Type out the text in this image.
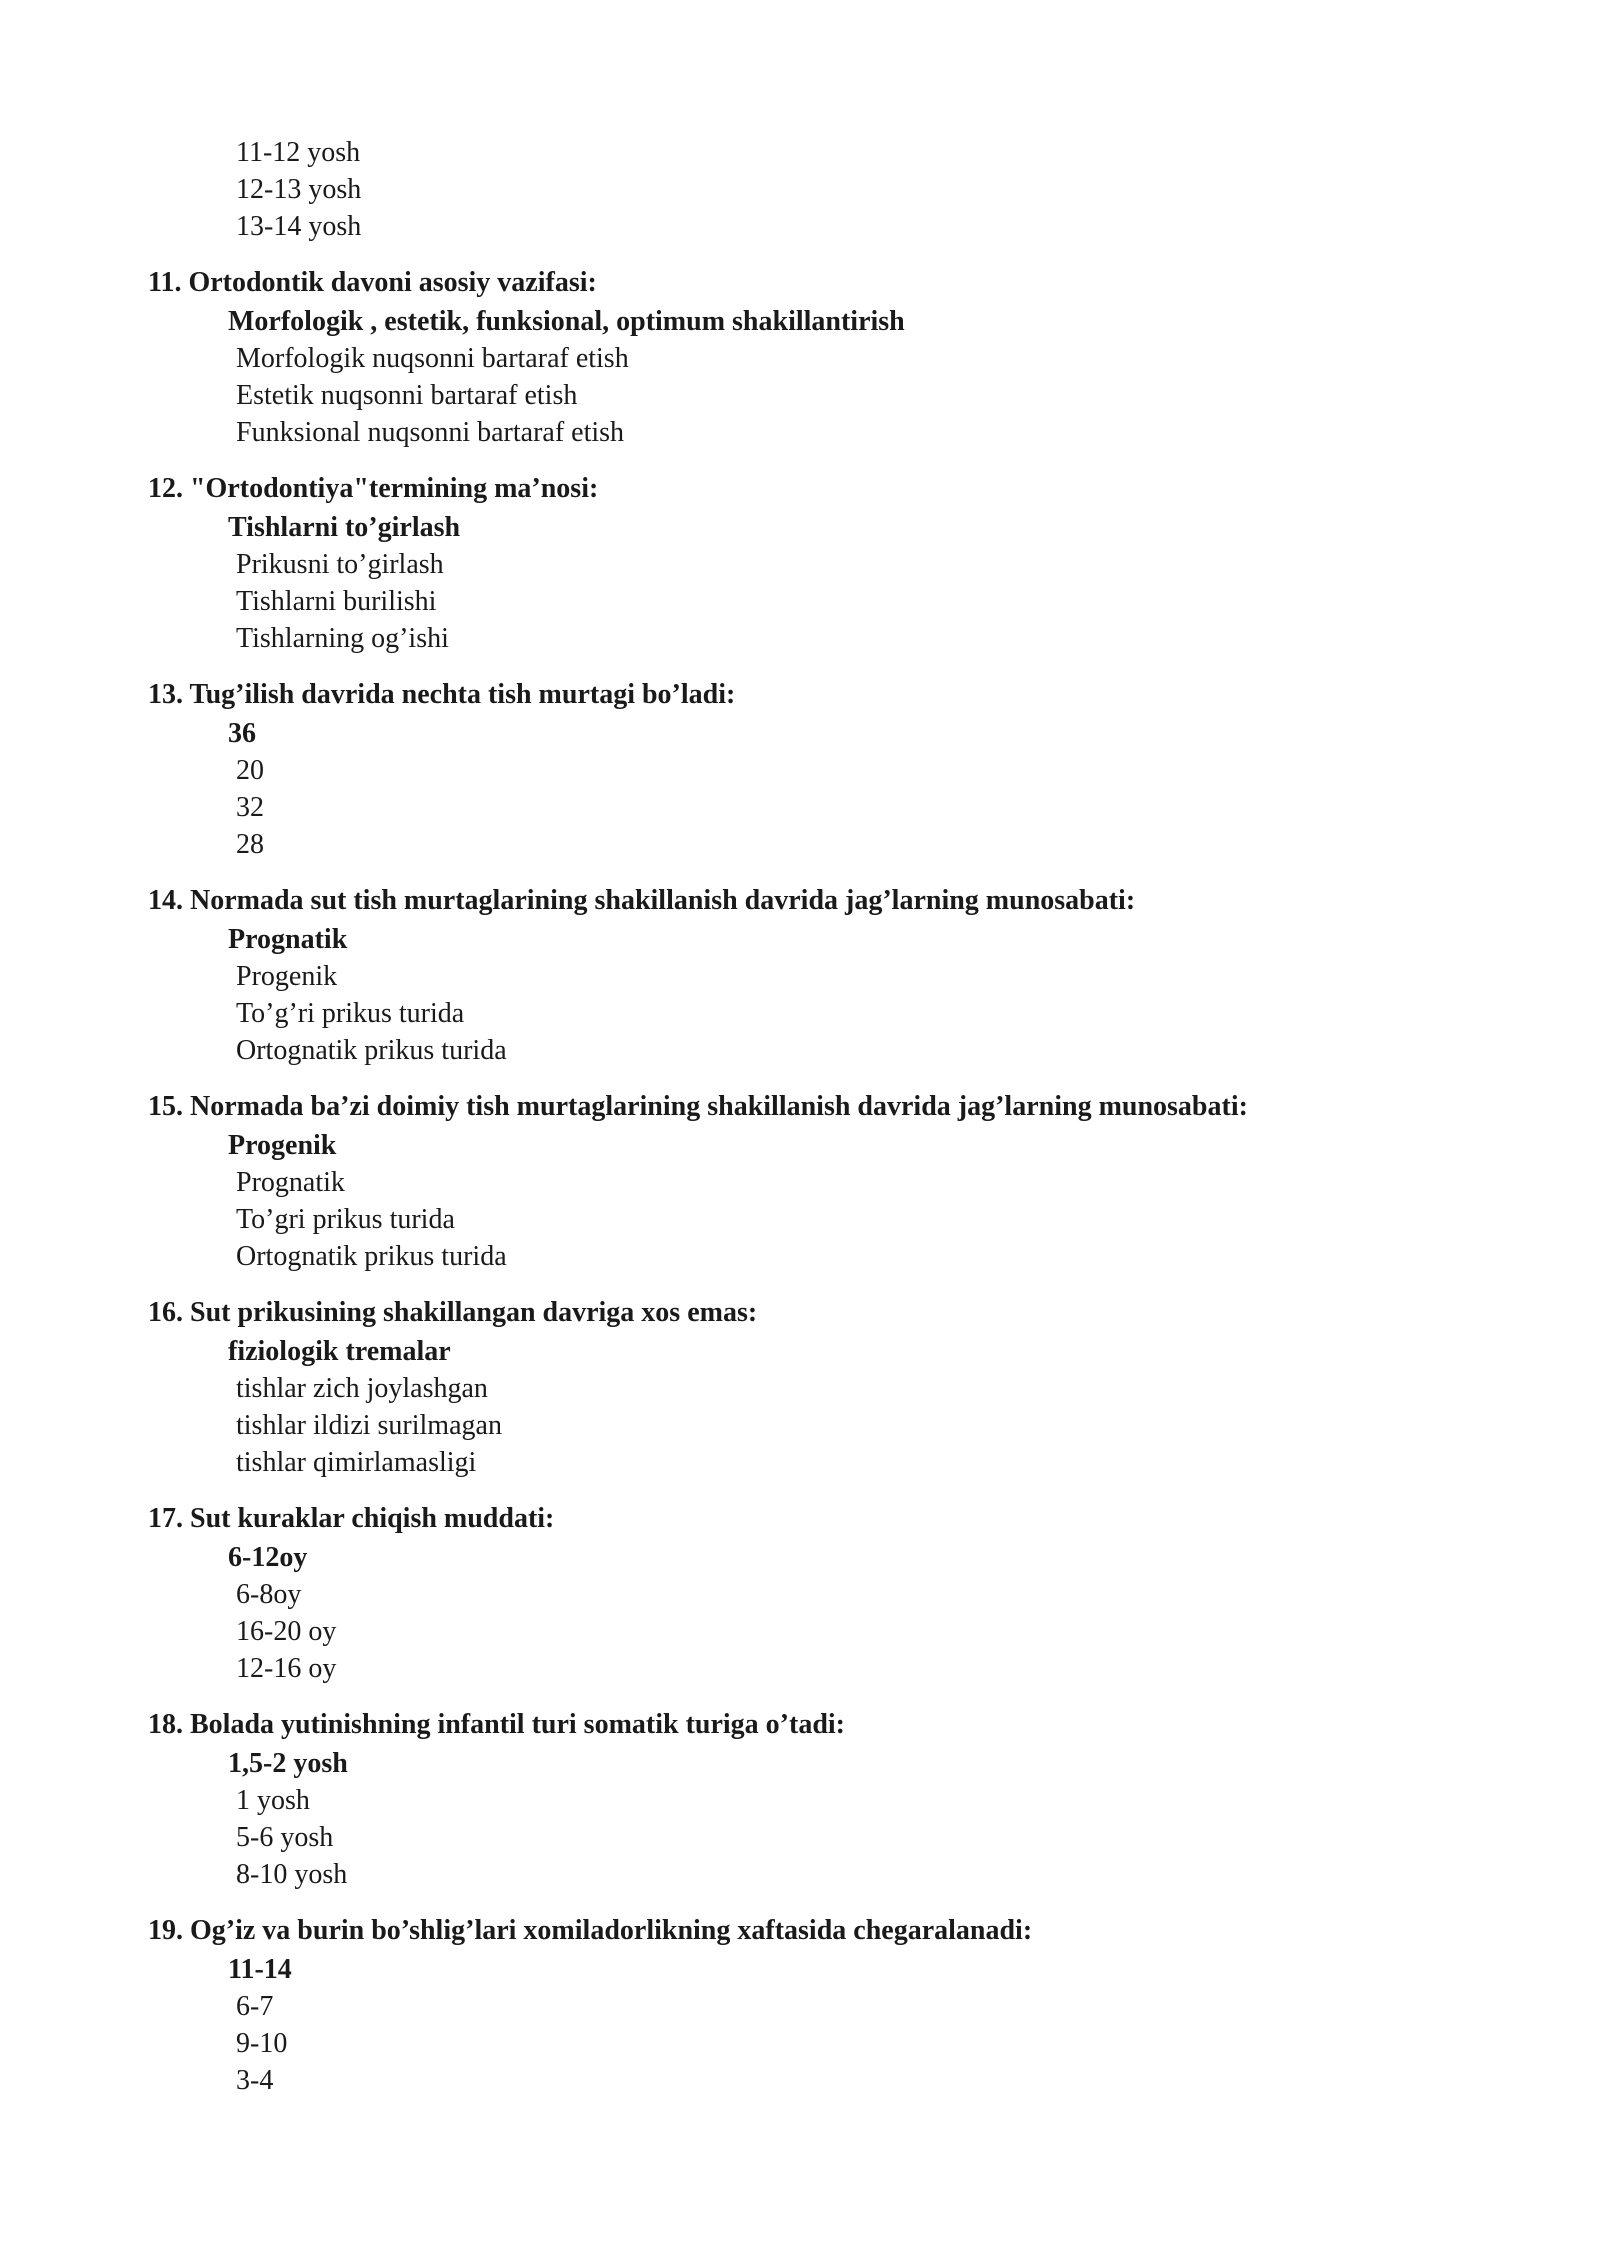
11-12 yosh
12-13 yosh
13-14 yosh
11. Ortodontik davoni asosiy vazifasi:
Morfologik , estetik, funksional, optimum shakillantirish
Morfologik nuqsonni bartaraf etish
Estetik nuqsonni bartaraf etish
Funksional nuqsonni bartaraf etish
12. "Ortodontiya"termining ma’nosi:
Tishlarni to’girlash
Prikusni to’girlash
Tishlarni burilishi
Tishlarning og’ishi
13. Tug’ilish davrida nechta tish murtagi bo’ladi:
36
20
32
28
14. Normada sut tish murtaglarining shakillanish davrida jag’larning munosabati:
Prognatik
Progenik
To’g’ri prikus turida
Ortognatik prikus turida
15. Normada ba’zi doimiy tish murtaglarining shakillanish davrida jag’larning munosabati:
Progenik
Prognatik
To’gri prikus turida
Ortognatik prikus turida
16. Sut prikusining shakillangan davriga xos emas:
fiziologik tremalar
tishlar zich joylashgan
tishlar ildizi surilmagan
tishlar qimirlamasligi
17. Sut kuraklar chiqish muddati:
6-12oy
6-8oy
16-20 oy
12-16 oy
18. Bolada yutinishning infantil turi somatik turiga o’tadi:
1,5-2 yosh
1 yosh
5-6 yosh
8-10 yosh
19. Og’iz va burin bo’shlig’lari xomiladorlikning xaftasida chegaralanadi:
11-14
6-7
9-10
3-4
